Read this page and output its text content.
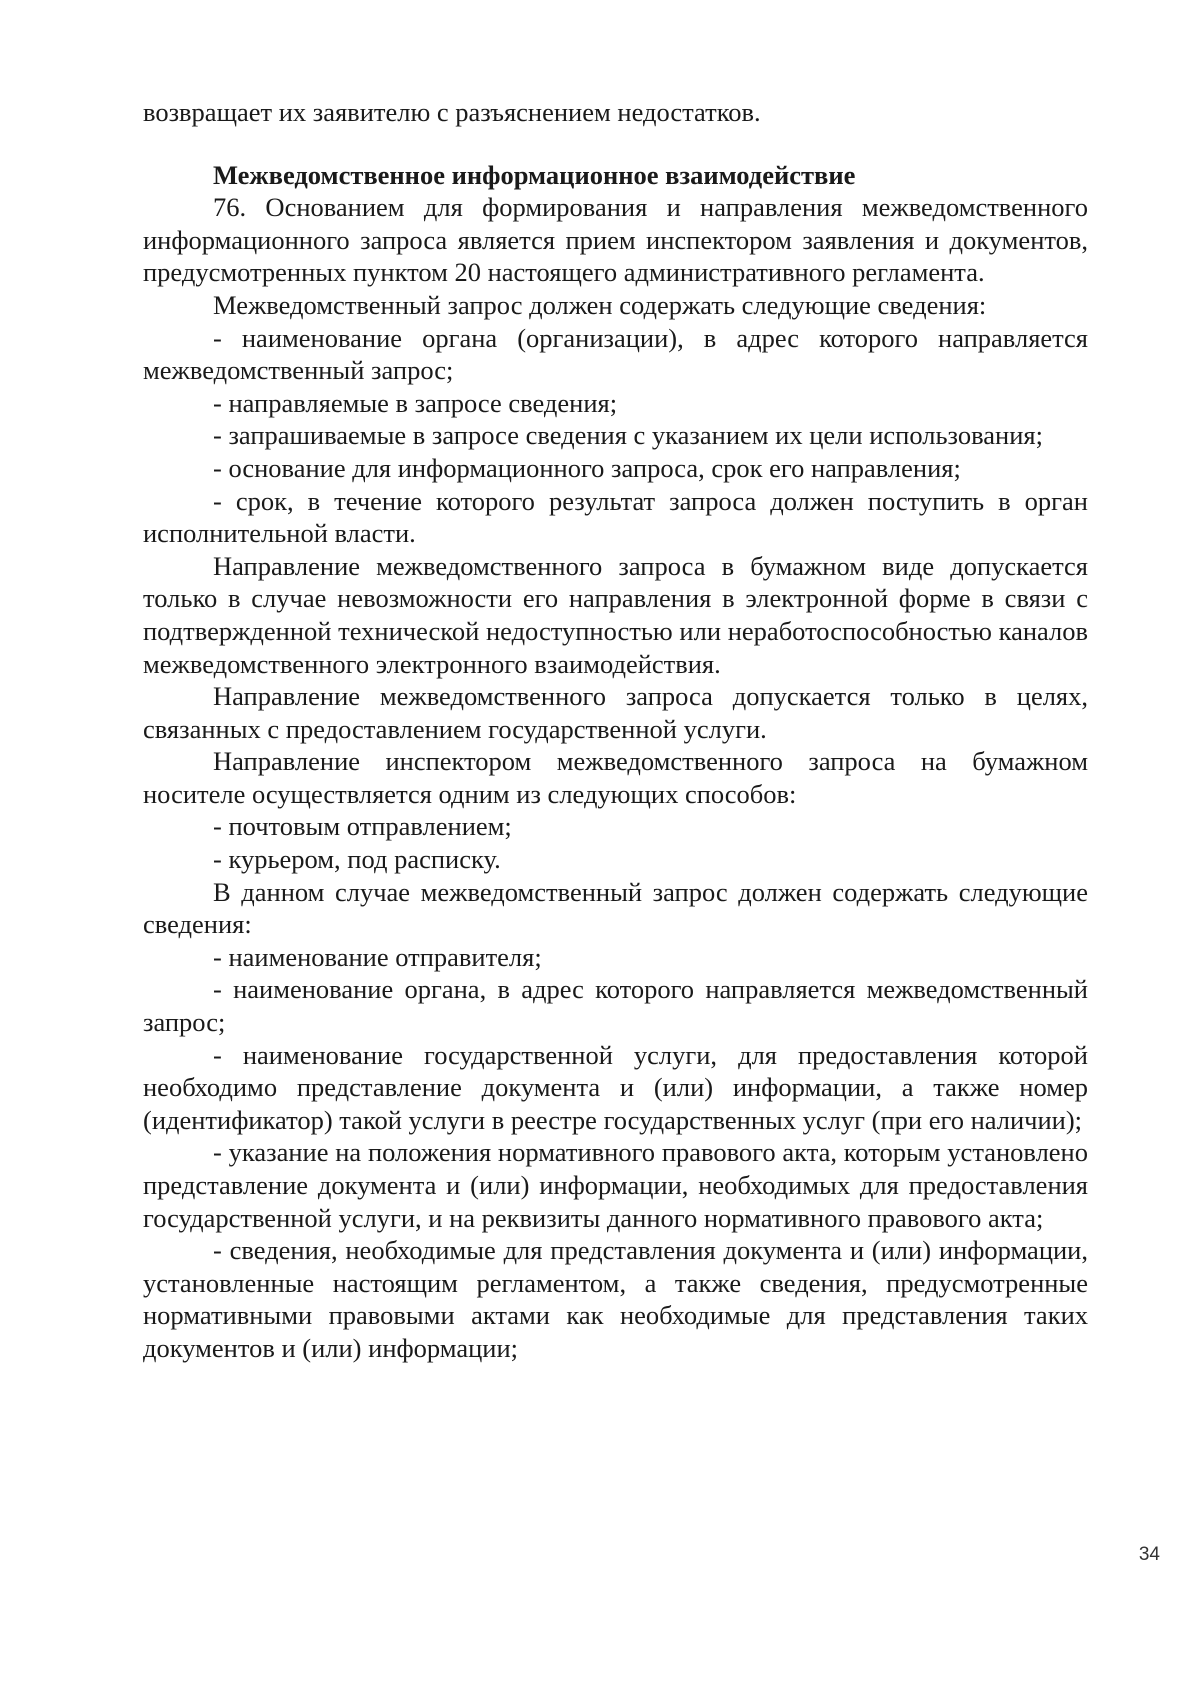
возвращает их заявителю с разъяснением недостатков.

Межведомственное информационное взаимодействие

76. Основанием для формирования и направления межведомственного информационного запроса является прием инспектором заявления и документов, предусмотренных пунктом 20 настоящего административного регламента.

Межведомственный запрос должен содержать следующие сведения:

- наименование органа (организации), в адрес которого направляется межведомственный запрос;

- направляемые в запросе сведения;

- запрашиваемые в запросе сведения с указанием их цели использования;

- основание для информационного запроса, срок его направления;

- срок, в течение которого результат запроса должен поступить в орган исполнительной власти.

Направление межведомственного запроса в бумажном виде допускается только в случае невозможности его направления в электронной форме в связи с подтвержденной технической недоступностью или неработоспособностью каналов межведомственного электронного взаимодействия.

Направление межведомственного запроса допускается только в целях, связанных с предоставлением государственной услуги.

Направление инспектором межведомственного запроса на бумажном носителе осуществляется одним из следующих способов:

- почтовым отправлением;

- курьером, под расписку.

В данном случае межведомственный запрос должен содержать следующие сведения:

- наименование отправителя;

- наименование органа, в адрес которого направляется межведомственный запрос;

- наименование государственной услуги, для предоставления которой необходимо представление документа и (или) информации, а также номер (идентификатор) такой услуги в реестре государственных услуг (при его наличии);

- указание на положения нормативного правового акта, которым установлено представление документа и (или) информации, необходимых для предоставления государственной услуги, и на реквизиты данного нормативного правового акта;

- сведения, необходимые для представления документа и (или) информации, установленные настоящим регламентом, а также сведения, предусмотренные нормативными правовыми актами как необходимые для представления таких документов и (или) информации;

34
